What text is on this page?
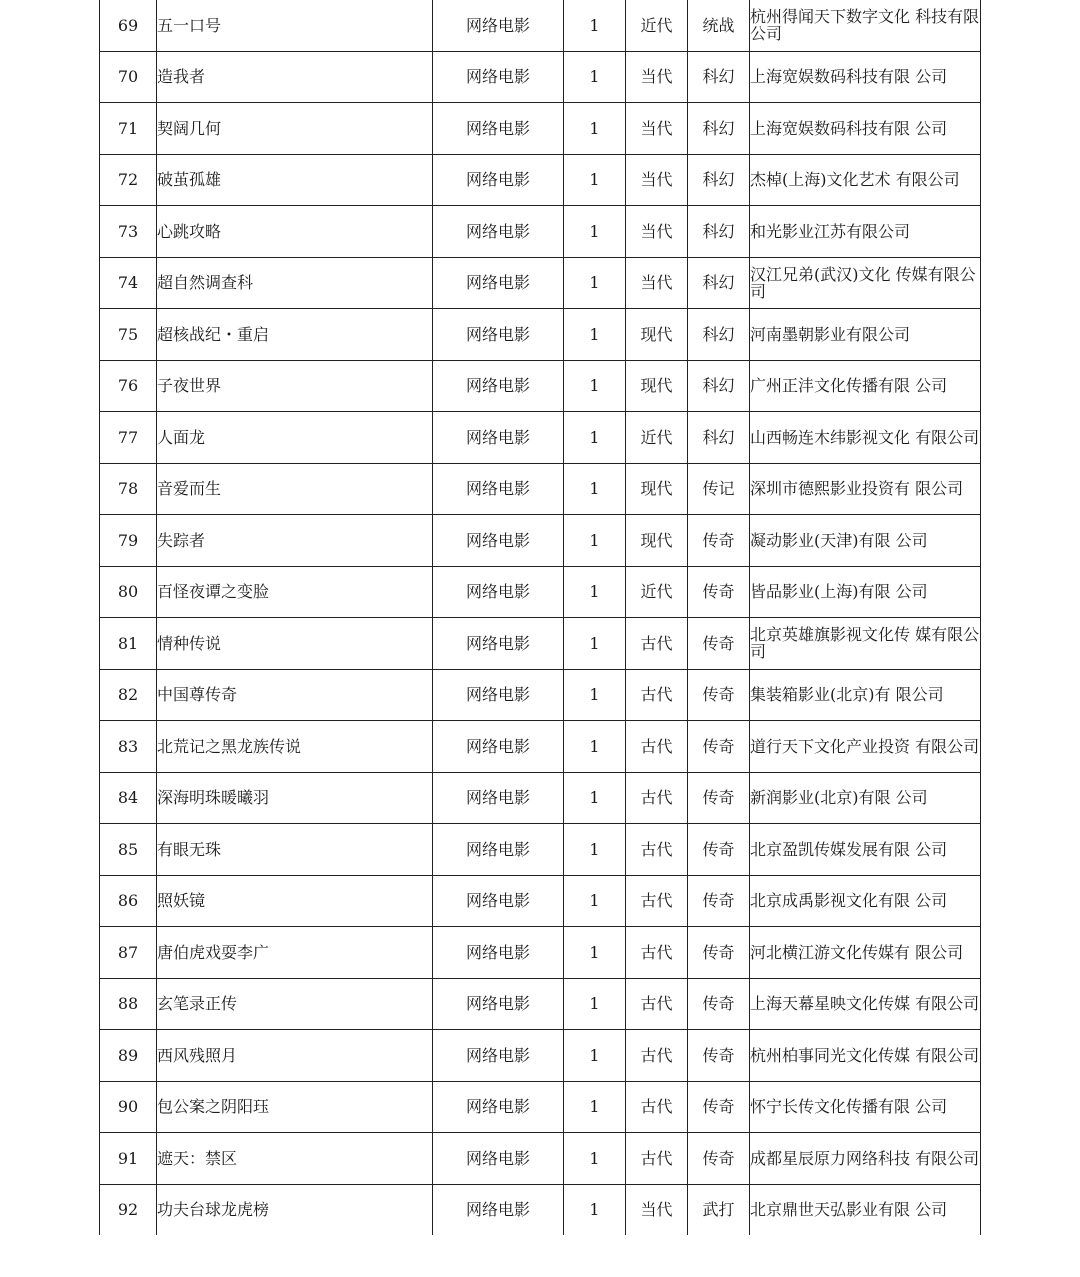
69	五一口号	网络电影	1	近代	统战	杭州得闻天下数字文化 科技有限公司
70	造我者	网络电影	1	当代	科幻	上海宽娱数码科技有限 公司
71	契阔几何	网络电影	1	当代	科幻	上海宽娱数码科技有限 公司
72	破茧孤雄	网络电影	1	当代	科幻	杰棹(上海)文化艺术 有限公司
73	心跳攻略	网络电影	1	当代	科幻	和光影业江苏有限公司
74	超自然调查科	网络电影	1	当代	科幻	汉江兄弟(武汉)文化 传媒有限公司
75	超核战纪・重启	网络电影	1	现代	科幻	河南墨朝影业有限公司
76	子夜世界	网络电影	1	现代	科幻	广州正沣文化传播有限 公司
77	人面龙	网络电影	1	近代	科幻	山西畅连木纬影视文化 有限公司
78	音爱而生	网络电影	1	现代	传记	深圳市德熙影业投资有 限公司
79	失踪者	网络电影	1	现代	传奇	凝动影业(天津)有限 公司
80	百怪夜谭之变脸	网络电影	1	近代	传奇	皆品影业(上海)有限 公司
81	情种传说	网络电影	1	古代	传奇	北京英雄旗影视文化传 媒有限公司
82	中国尊传奇	网络电影	1	古代	传奇	集装箱影业(北京)有 限公司
83	北荒记之黑龙族传说	网络电影	1	古代	传奇	道行天下文化产业投资 有限公司
84	深海明珠暖曦羽	网络电影	1	古代	传奇	新润影业(北京)有限 公司
85	有眼无珠	网络电影	1	古代	传奇	北京盈凯传媒发展有限 公司
86	照妖镜	网络电影	1	古代	传奇	北京成禹影视文化有限 公司
87	唐伯虎戏耍李广	网络电影	1	古代	传奇	河北横江游文化传媒有 限公司
88	玄笔录正传	网络电影	1	古代	传奇	上海天幕星映文化传媒 有限公司
89	西风残照月	网络电影	1	古代	传奇	杭州柏事同光文化传媒 有限公司
90	包公案之阴阳珏	网络电影	1	古代	传奇	怀宁长传文化传播有限 公司
91	遮天：禁区	网络电影	1	古代	传奇	成都星辰原力网络科技 有限公司
92	功夫台球龙虎榜	网络电影	1	当代	武打	北京鼎世天弘影业有限 公司
